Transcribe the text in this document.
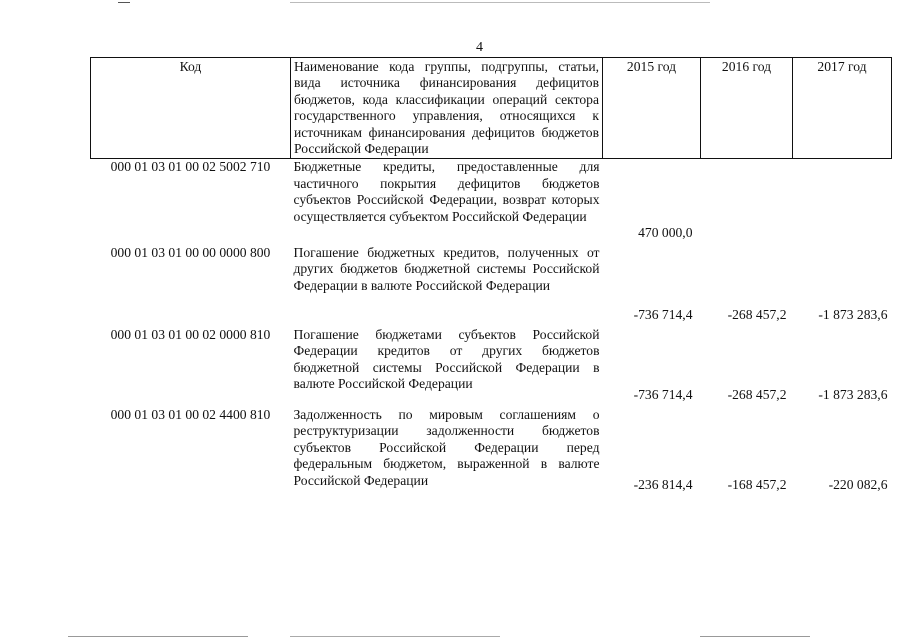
4
Код	Наименование кода группы, подгруппы, статьи, вида источника финансирования дефицитов бюджетов, кода классификации операций сектора государственного управления, относящихся к источникам финансирования дефицитов бюджетов Российской Федерации	2015 год	2016 год	2017 год
000 01 03 01 00 02 5002 710	Бюджетные кредиты, предоставленные для частичного покрытия дефицитов бюджетов субъектов Российской Федерации, возврат которых осуществляется субъектом Российской Федерации	470 000,0		
000 01 03 01 00 00 0000 800	Погашение бюджетных кредитов, полученных от других бюджетов бюджетной системы Российской Федерации в валюте Российской Федерации	-736 714,4	-268 457,2	-1 873 283,6
000 01 03 01 00 02 0000 810	Погашение бюджетами субъектов Российской Федерации кредитов от других бюджетов бюджетной системы Российской Федерации в валюте Российской Федерации	-736 714,4	-268 457,2	-1 873 283,6
000 01 03 01 00 02 4400 810	Задолженность по мировым соглашениям о реструктуризации задолженности бюджетов субъектов Российской Федерации перед федеральным бюджетом, выраженной в валюте Российской Федерации	-236 814,4	-168 457,2	-220 082,6
